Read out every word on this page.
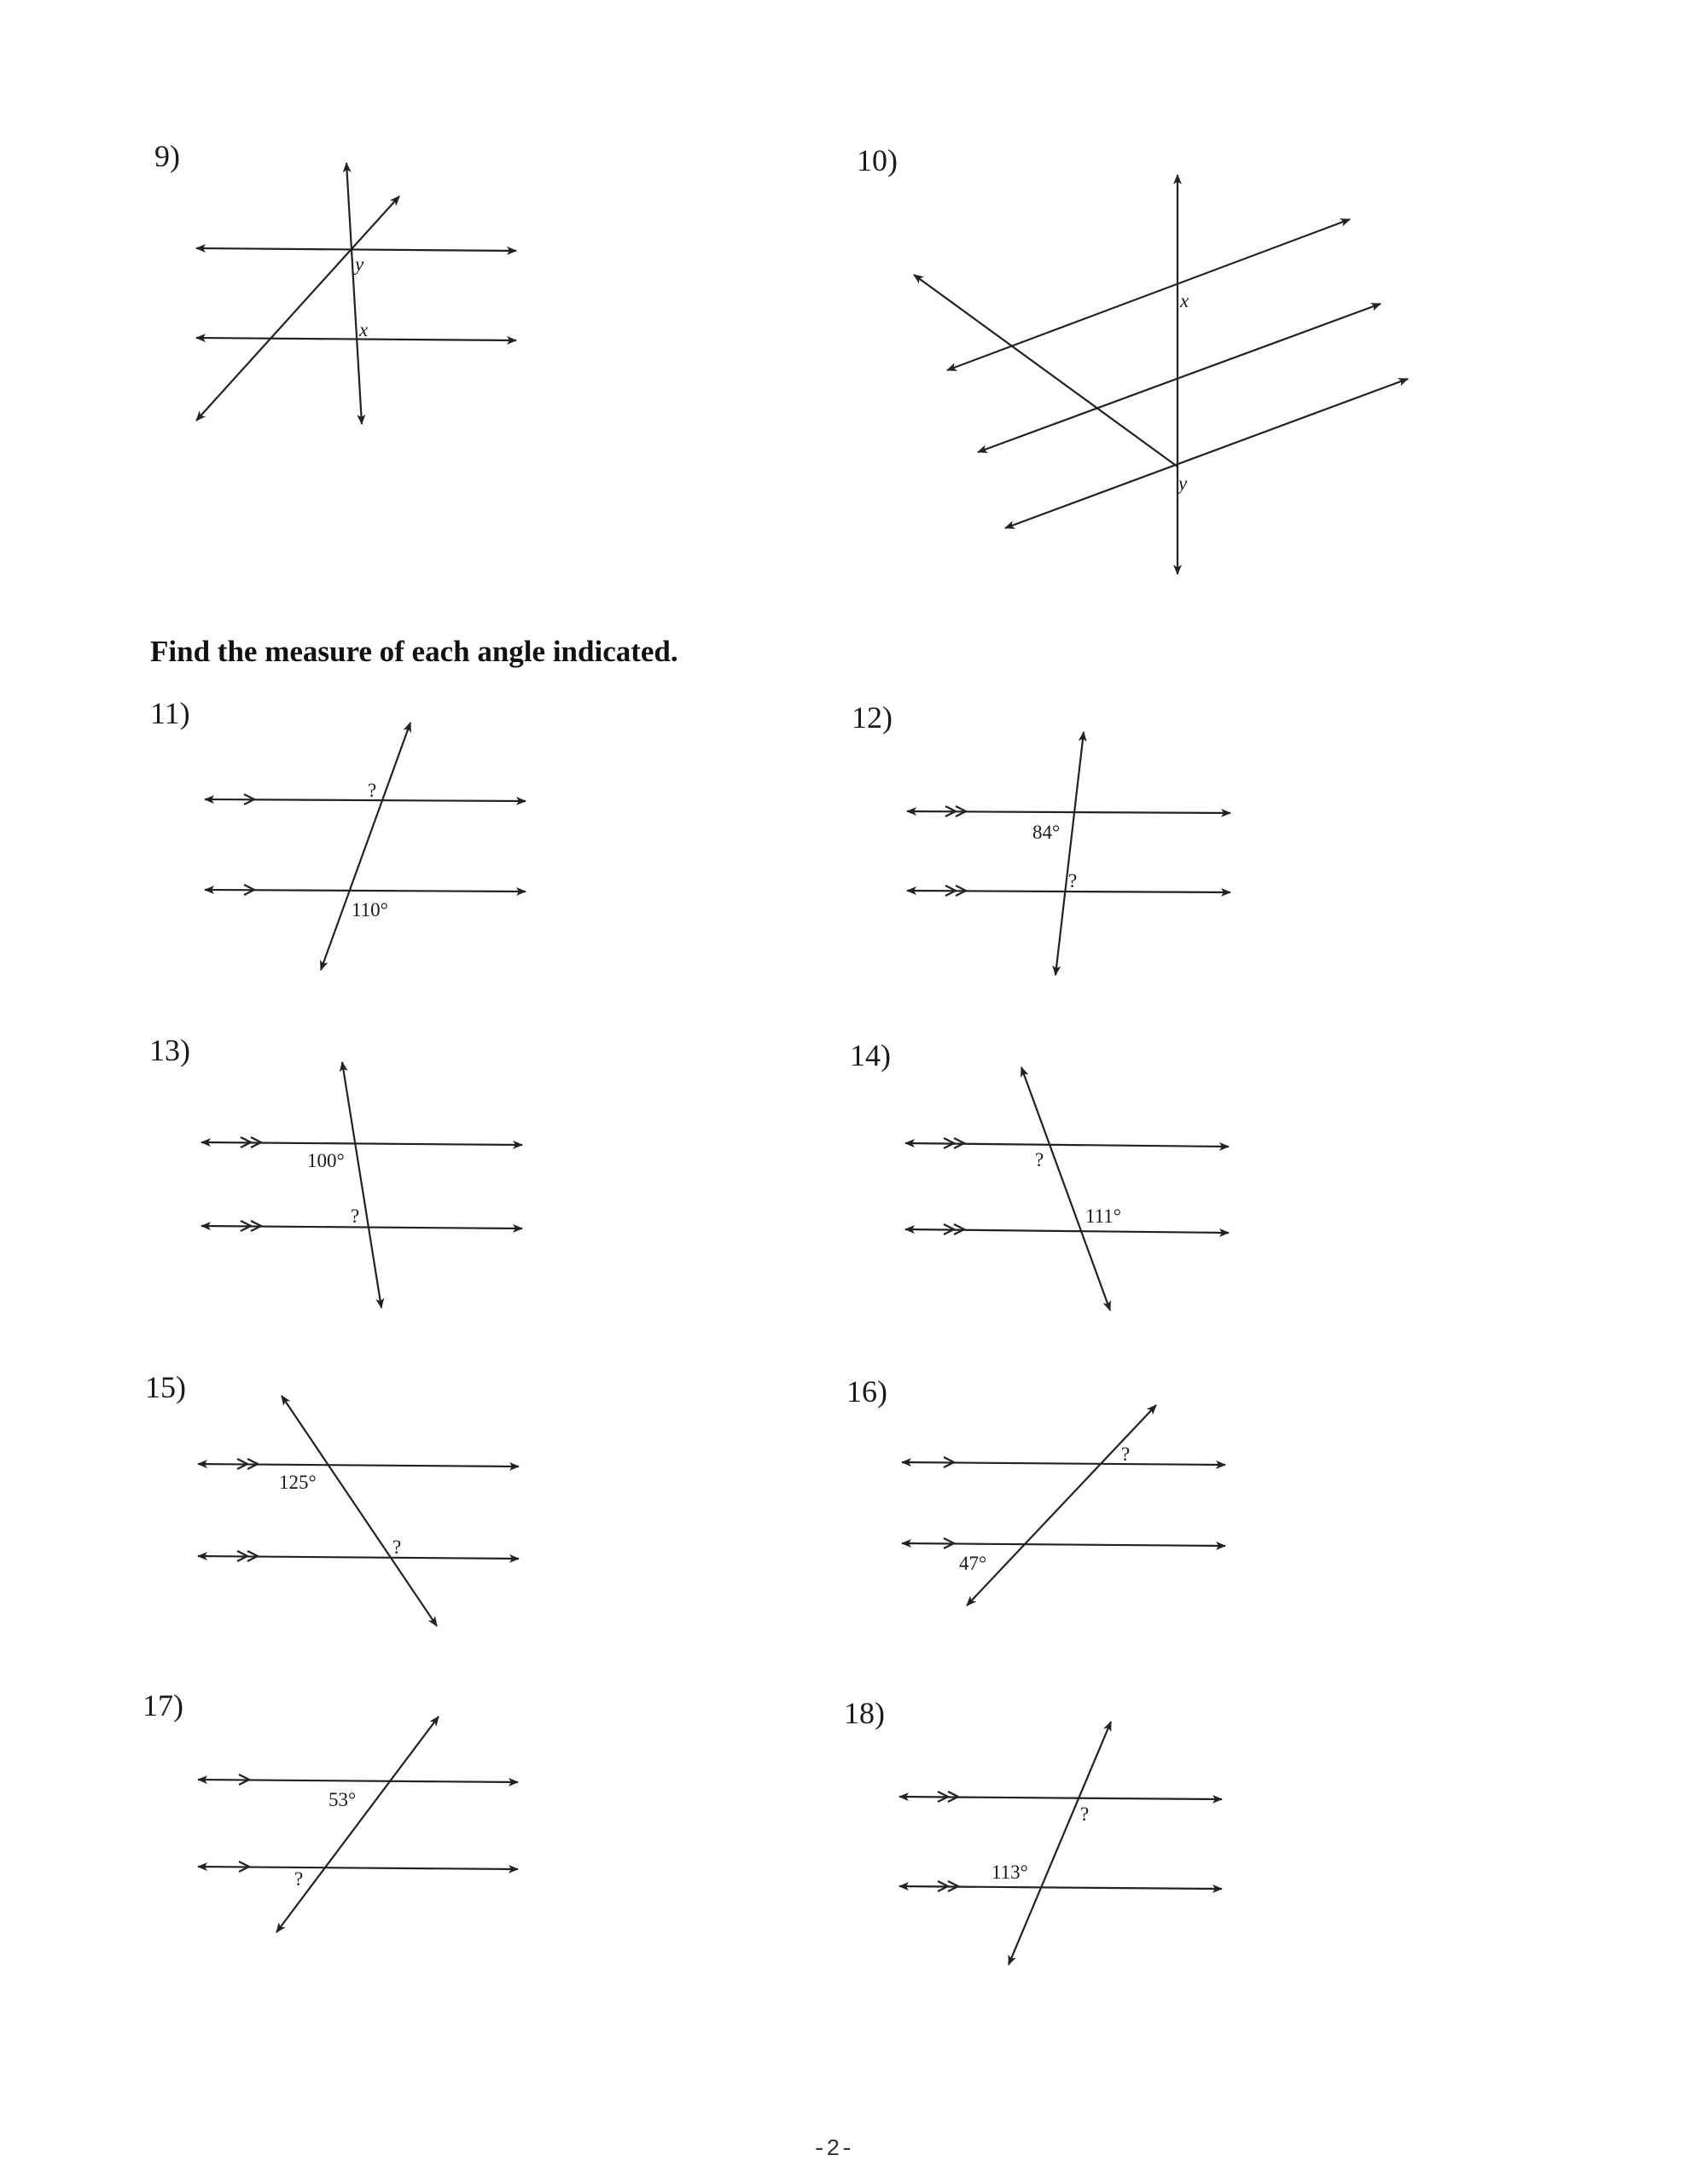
9)
y
x
10)
x
y
Find the measure of each angle indicated.
11)
?
110°
12)
84°
?
13)
100°
?
14)
?
111°
15)
125°
?
16)
?
47°
17)
53°
?
18)
?
113°
-2-
